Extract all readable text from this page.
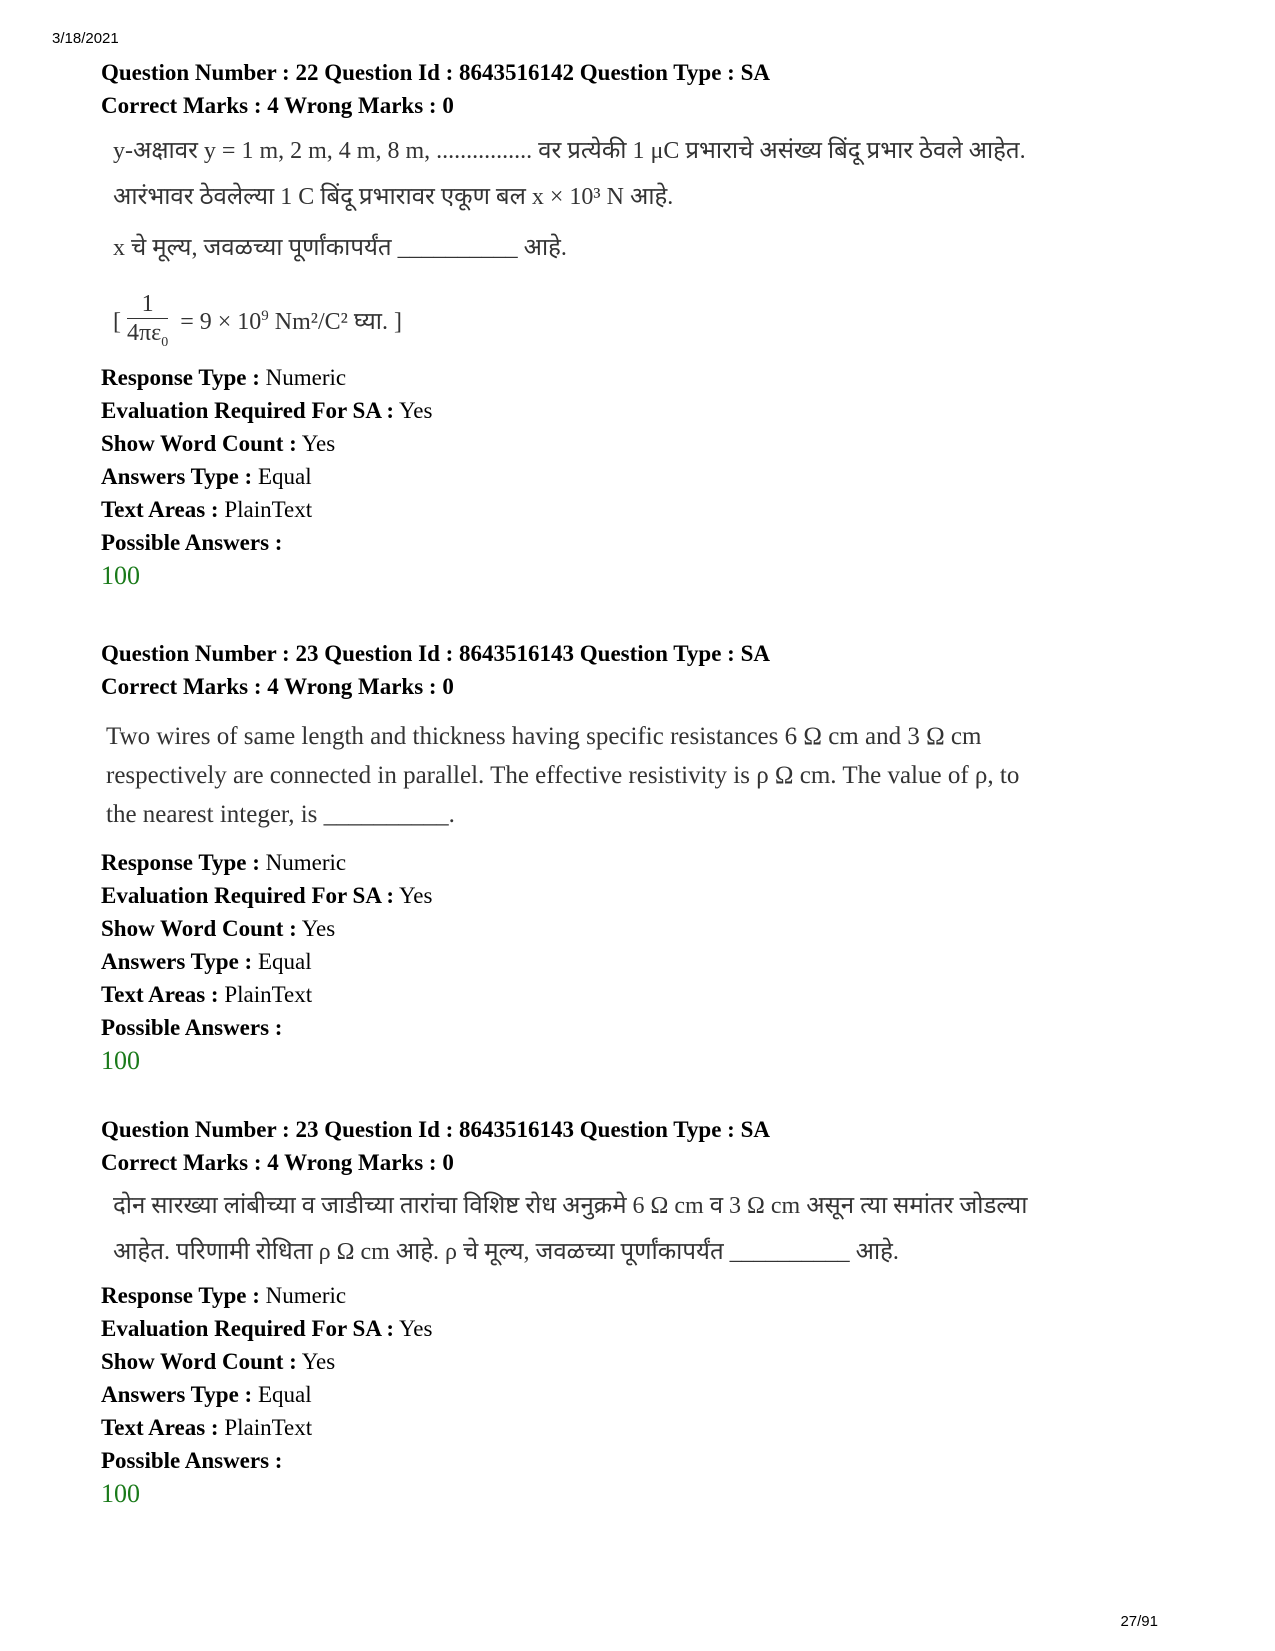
3/18/2021
Question Number : 22 Question Id : 8643516142 Question Type : SA
Correct Marks : 4 Wrong Marks : 0

y-अक्षावर y = 1 m, 2 m, 4 m, 8 m, ................ वर प्रत्येकी 1 μC प्रभाराचे असंख्य बिंदू प्रभार ठेवले आहेत.

आरंभावर ठेवलेल्या 1 C बिंदू प्रभारावर एकूण बल x × 10³ N आहे.

x चे मूल्य, जवळच्या पूर्णांकापर्यंत __________ आहे.

[ $\frac{1}{4\pi\varepsilon_0} = 9 \times 10^9$ Nm²/C² घ्या. ]

Response Type : Numeric
Evaluation Required For SA : Yes
Show Word Count : Yes
Answers Type : Equal
Text Areas : PlainText
Possible Answers :
100
Question Number : 23 Question Id : 8643516143 Question Type : SA
Correct Marks : 4 Wrong Marks : 0

Two wires of same length and thickness having specific resistances 6 Ω cm and 3 Ω cm

respectively are connected in parallel. The effective resistivity is ρ Ω cm. The value of ρ, to

the nearest integer, is __________.

Response Type : Numeric
Evaluation Required For SA : Yes
Show Word Count : Yes
Answers Type : Equal
Text Areas : PlainText
Possible Answers :
100
Question Number : 23 Question Id : 8643516143 Question Type : SA
Correct Marks : 4 Wrong Marks : 0

दोन सारख्या लांबीच्या व जाडीच्या तारांचा विशिष्ट रोध अनुक्रमे 6 Ω cm व 3 Ω cm असून त्या समांतर जोडल्या

आहेत. परिणामी रोधिता ρ Ω cm आहे. ρ चे मूल्य, जवळच्या पूर्णांकापर्यंत __________ आहे.

Response Type : Numeric
Evaluation Required For SA : Yes
Show Word Count : Yes
Answers Type : Equal
Text Areas : PlainText
Possible Answers :
100
27/91
